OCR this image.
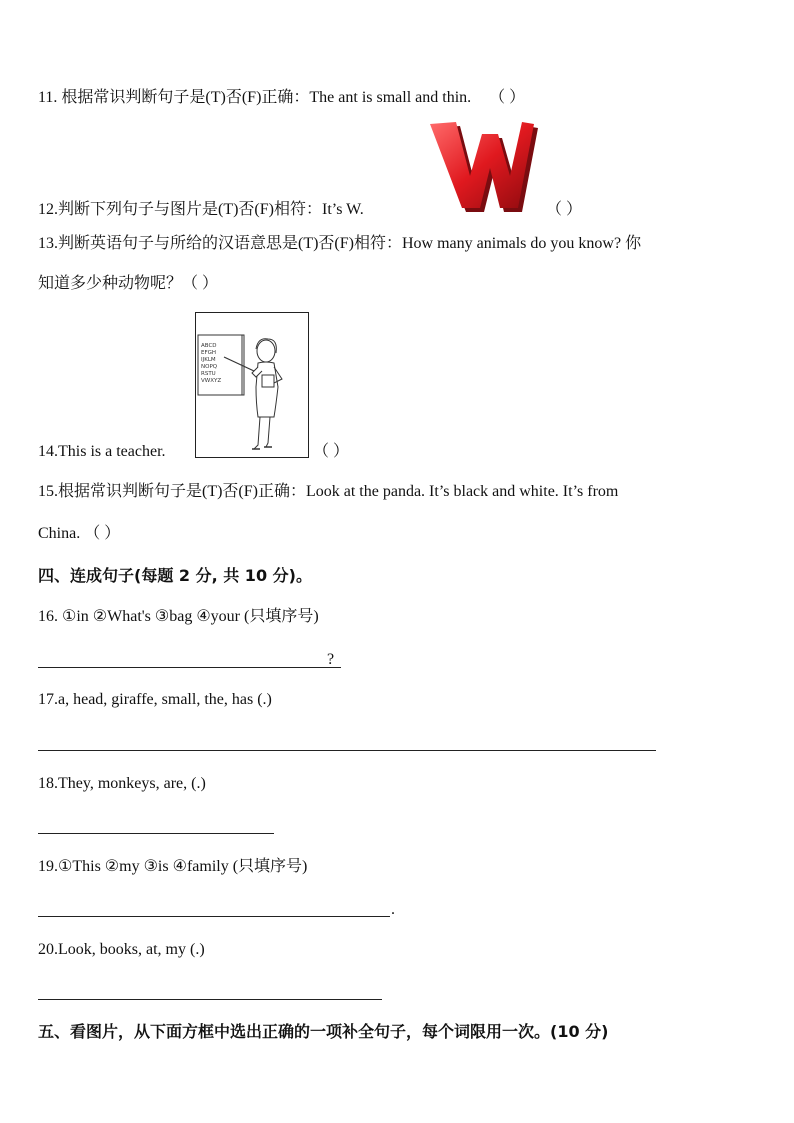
11. 根据常识判断句子是(T)否(F)正确：The ant is small and thin. （ ）
W
12.判断下列句子与图片是(T)否(F)相符：It’s W.	（ ）
13.判断英语句子与所给的汉语意思是(T)否(F)相符：How many animals do you know? 你
知道多少种动物呢？（ ）
ABCD
EFGH
IJKLM
NOPQ
RSTU
VWXYZ
14.This is a teacher.	（ ）
15.根据常识判断句子是(T)否(F)正确：Look at the panda. It’s black and white. It’s from
China. （ ）
四、连成句子(每题 2 分, 共 10 分)。
16. ①in ②What's ③bag ④your (只填序号)
?
17.a, head, giraffe, small, the, has (.)
18.They, monkeys, are, (.)
19.①This ②my ③is ④family (只填序号)
.
20.Look, books, at, my (.)
五、看图片，从下面方框中选出正确的一项补全句子，每个词限用一次。(10 分)
